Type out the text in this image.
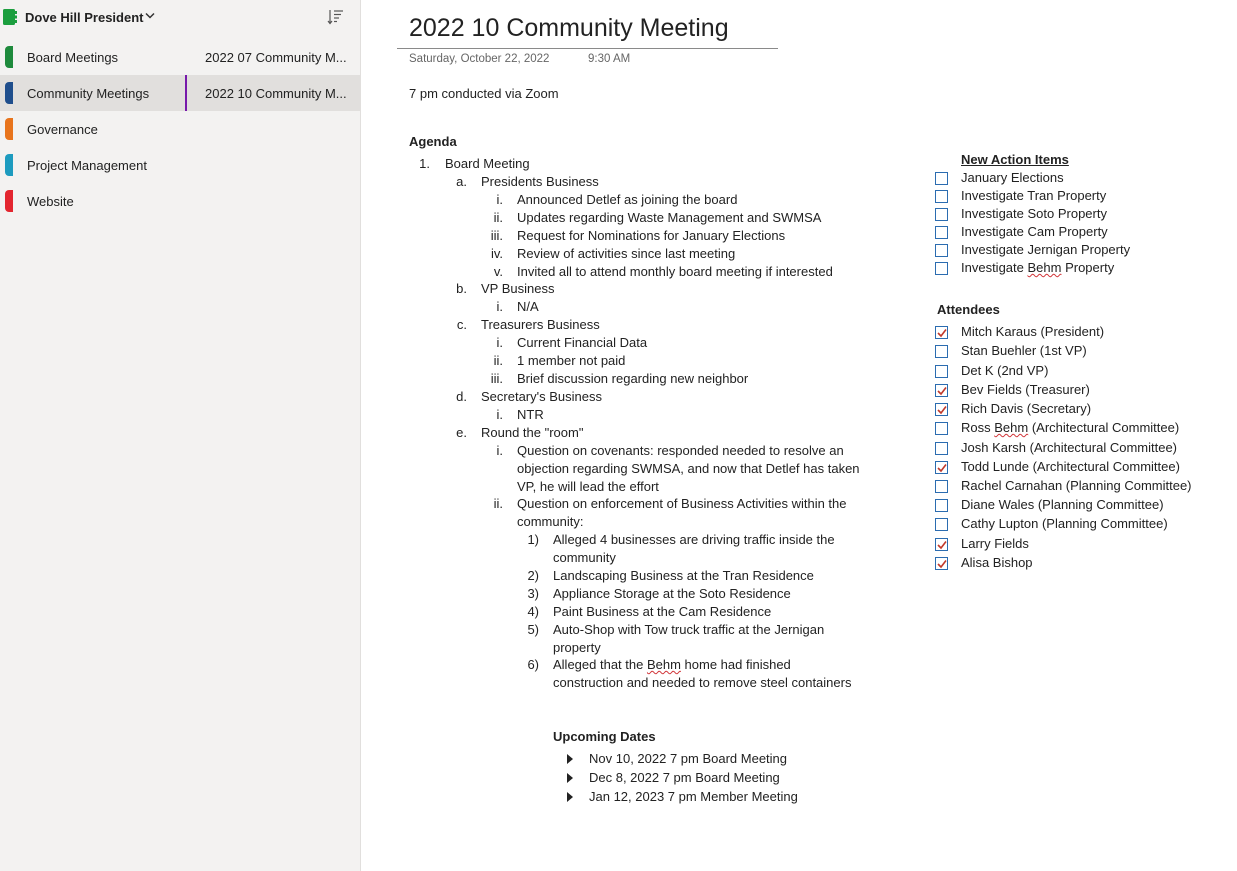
Dove Hill President
Board Meetings
Community Meetings
Governance
Project Management
Website
2022 07 Community M...
2022 10 Community M...
2022 10 Community Meeting
Saturday, October 22, 2022	9:30 AM
7 pm conducted via Zoom
Agenda
1. Board Meeting
a. Presidents Business
i. Announced Detlef as joining the board
ii. Updates regarding Waste Management and SWMSA
iii. Request for Nominations for January Elections
iv. Review of activities since last meeting
v. Invited all to attend monthly board meeting if interested
b. VP Business
i. N/A
c. Treasurers Business
i. Current Financial Data
ii. 1 member not paid
iii. Brief discussion regarding new neighbor
d. Secretary's Business
i. NTR
e. Round the "room"
i. Question on covenants: responded needed to resolve an
objection regarding SWMSA, and now that Detlef has taken
VP, he will lead the effort
ii. Question on enforcement of Business Activities within the
community:
1) Alleged 4 businesses are driving traffic inside the
community
2) Landscaping Business at the Tran Residence
3) Appliance Storage at the Soto Residence
4) Paint Business at the Cam Residence
5) Auto-Shop with Tow truck traffic at the Jernigan
property
6) Alleged that the Behm home had finished
construction and needed to remove steel containers
Upcoming Dates
Nov 10, 2022 7 pm Board Meeting
Dec 8, 2022 7 pm Board Meeting
Jan 12, 2023 7 pm Member Meeting
New Action Items
January Elections
Investigate Tran Property
Investigate Soto Property
Investigate Cam Property
Investigate Jernigan Property
Investigate Behm Property
Attendees
Mitch Karaus (President)
Stan Buehler (1st VP)
Det K (2nd VP)
Bev Fields (Treasurer)
Rich Davis (Secretary)
Ross Behm (Architectural Committee)
Josh Karsh (Architectural Committee)
Todd Lunde (Architectural Committee)
Rachel Carnahan (Planning Committee)
Diane Wales (Planning Committee)
Cathy Lupton (Planning Committee)
Larry Fields
Alisa Bishop
